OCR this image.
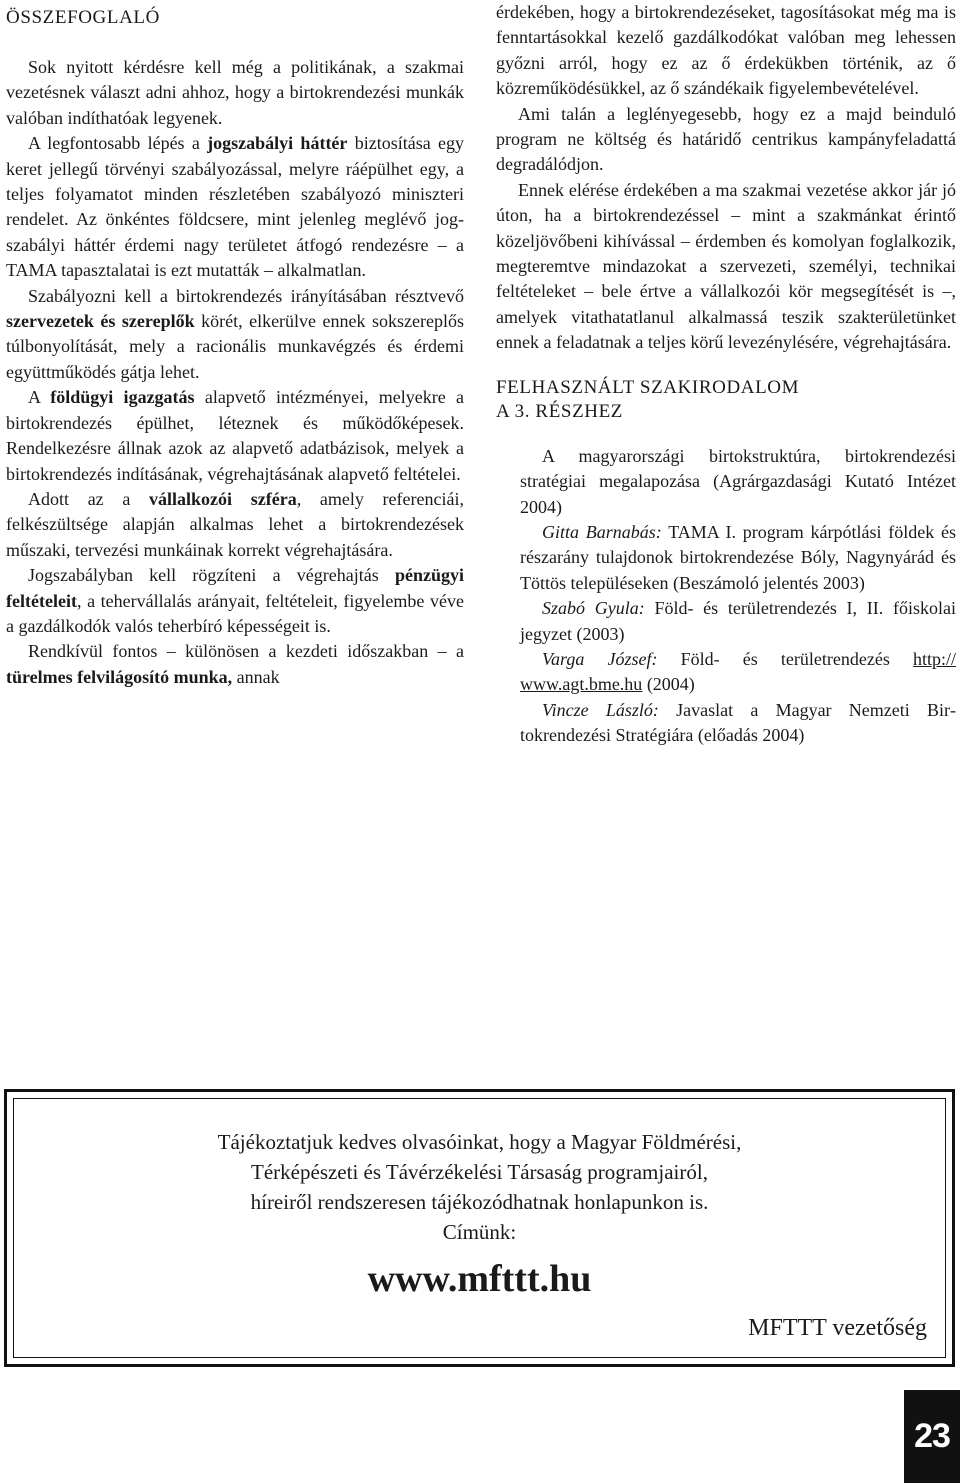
ÖSSZEFOGLALÓ

Sok nyitott kérdésre kell még a politikának, a szakmai vezetésnek választ adni ahhoz, hogy a birtokrendezési munkák valóban indíthatóak legyenek.

A legfontosabb lépés a jogszabályi háttér biztosítása egy keret jellegű törvényi szabályozással, melyre ráépülhet egy, a teljes folyamatot minden részletében szabályozó miniszteri rendelet. Az önkéntes földcsere, mint jelenleg meglévő jogszabályi háttér érdemi nagy területet átfogó rendezésre – a TAMA tapasztalatai is ezt mutatták – alkalmatlan.

Szabályozni kell a birtokrendezés irányításában résztvevő szervezetek és szereplők körét, elkerülve ennek sokszereplős túlbonyolítását, mely a racionális munkavégzés és érdemi együttműködés gátja lehet.

A földügyi igazgatás alapvető intézményei, melyekre a birtokrendezés épülhet, léteznek és működőképesek. Rendelkezésre állnak azok az alapvető adatbázisok, melyek a birtokrendezés indításának, végrehajtásának alapvető feltételei.

Adott az a vállalkozói szféra, amely referenciái, felkészültsége alapján alkalmas lehet a birtokrendezések műszaki, tervezési munkáinak korrekt végrehajtására.

Jogszabályban kell rögzíteni a végrehajtás pénzügyi feltételeit, a tehervállalás arányait, feltételeit, figyelembe véve a gazdálkodók valós teherbíró képességeit is.

Rendkívül fontos – különösen a kezdeti időszakban – a türelmes felvilágosító munka, annak

érdekében, hogy a birtokrendezéseket, tagosításokat még ma is fenntartásokkal kezelő gazdálkodókat valóban meg lehessen győzni arról, hogy ez az ő érdekükben történik, az ő közreműködésükkel, az ő szándékaik figyelembevételével.

Ami talán a leglényegesebb, hogy ez a majd beinduló program ne költség és határidő centrikus kampányfeladattá degradálódjon.

Ennek elérése érdekében a ma szakmai vezetése akkor jár jó úton, ha a birtokrendezéssel – mint a szakmánkat érintő közeljövőbeni kihívással – érdemben és komolyan foglalkozik, megteremtve mindazokat a szervezeti, személyi, technikai feltételeket – bele értve a vállalkozói kör megsegítését is –, amelyek vitathatatlanul alkalmassá teszik szakterületünket ennek a feladatnak a teljes körű levezénylésére, végrehajtására.

FELHASZNÁLT SZAKIRODALOM
A 3. RÉSZHEZ

A magyarországi birtokstruktúra, birtokrendezési stratégiai megalapozása (Agrárgazdasági Kutató Intézet 2004)

Gitta Barnabás: TAMA I. program kárpótlási földek és részarány tulajdonok birtokrendezése Bóly, Nagynyárád és Töttös településeken (Beszámoló jelentés 2003)

Szabó Gyula: Föld- és területrendezés I, II. főiskolai jegyzet (2003)

Varga József: Föld- és területrendezés http:// www.agt.bme.hu (2004)

Vincze László: Javaslat a Magyar Nemzeti Birtokrendezési Stratégiára (előadás 2004)

Tájékoztatjuk kedves olvasóinkat, hogy a Magyar Földmérési,
Térképészeti és Távérzékelési Társaság programjairól,
híreiről rendszeresen tájékozódhatnak honlapunkon is.
Címünk:
www.mfttt.hu
MFTTT vezetőség
23
